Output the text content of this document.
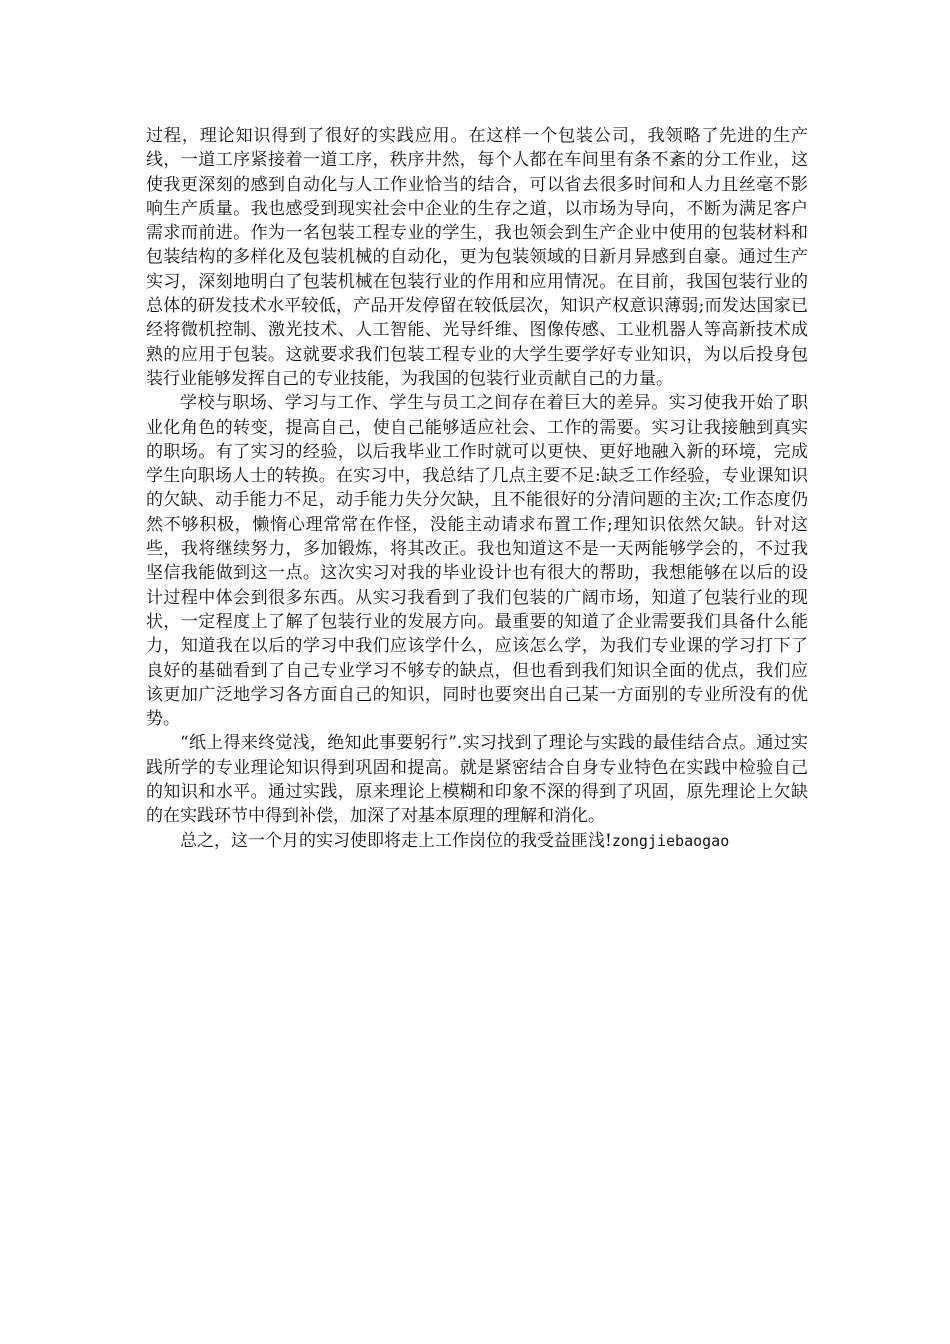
过程，理论知识得到了很好的实践应用。在这样一个包装公司，我领略了先进的生产线，一道工序紧接着一道工序，秩序井然，每个人都在车间里有条不紊的分工作业，这使我更深刻的感到自动化与人工作业恰当的结合，可以省去很多时间和人力且丝毫不影响生产质量。我也感受到现实社会中企业的生存之道，以市场为导向，不断为满足客户需求而前进。作为一名包装工程专业的学生，我也领会到生产企业中使用的包装材料和包装结构的多样化及包装机械的自动化，更为包装领域的日新月异感到自豪。通过生产实习，深刻地明白了包装机械在包装行业的作用和应用情况。在目前，我国包装行业的总体的研发技术水平较低，产品开发停留在较低层次，知识产权意识薄弱;而发达国家已经将微机控制、激光技术、人工智能、光导纤维、图像传感、工业机器人等高新技术成熟的应用于包装。这就要求我们包装工程专业的大学生要学好专业知识，为以后投身包装行业能够发挥自己的专业技能，为我国的包装行业贡献自己的力量。

学校与职场、学习与工作、学生与员工之间存在着巨大的差异。实习使我开始了职业化角色的转变，提高自己，使自己能够适应社会、工作的需要。实习让我接触到真实的职场。有了实习的经验，以后我毕业工作时就可以更快、更好地融入新的环境，完成学生向职场人士的转换。在实习中，我总结了几点主要不足:缺乏工作经验，专业课知识的欠缺、动手能力不足，动手能力失分欠缺，且不能很好的分清问题的主次;工作态度仍然不够积极，懒惰心理常常在作怪，没能主动请求布置工作;理知识依然欠缺。针对这些，我将继续努力，多加锻炼，将其改正。我也知道这不是一天两能够学会的，不过我坚信我能做到这一点。这次实习对我的毕业设计也有很大的帮助，我想能够在以后的设计过程中体会到很多东西。从实习我看到了我们包装的广阔市场，知道了包装行业的现状，一定程度上了解了包装行业的发展方向。最重要的知道了企业需要我们具备什么能力，知道我在以后的学习中我们应该学什么，应该怎么学，为我们专业课的学习打下了良好的基础看到了自己专业学习不够专的缺点，但也看到我们知识全面的优点，我们应该更加广泛地学习各方面自己的知识，同时也要突出自己某一方面别的专业所没有的优势。

“纸上得来终觉浅，绝知此事要躬行”.实习找到了理论与实践的最佳结合点。通过实践所学的专业理论知识得到巩固和提高。就是紧密结合自身专业特色在实践中检验自己的知识和水平。通过实践，原来理论上模糊和印象不深的得到了巩固，原先理论上欠缺的在实践环节中得到补偿，加深了对基本原理的理解和消化。

总之，这一个月的实习使即将走上工作岗位的我受益匪浅!zongjiebaogao
